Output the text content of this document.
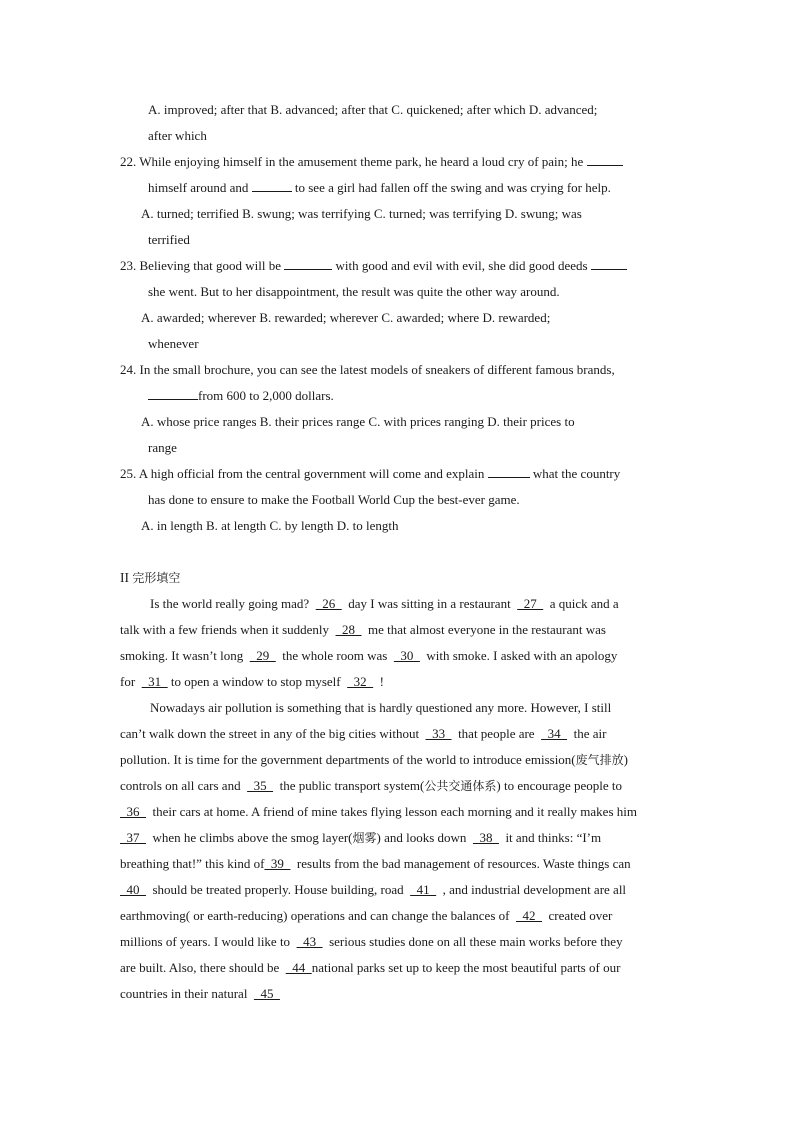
A. improved; after that B. advanced; after that C. quickened; after which D. advanced;
after which
22. While enjoying himself in the amusement theme park, he heard a loud cry of pain; he
himself around and	to see a girl had fallen off the swing and was crying for help.
A. turned; terrified B. swung; was terrifying C. turned; was terrifying D. swung; was
terrified
23. Believing that good will be	with good and evil with evil, she did good deeds
she went. But to her disappointment, the result was quite the other way around.
A. awarded; wherever B. rewarded; wherever C. awarded; where D. rewarded;
whenever
24. In the small brochure, you can see the latest models of sneakers of different famous brands,
from 600 to 2,000 dollars.
A. whose price ranges B. their prices range C. with prices ranging D. their prices to
range
25. A high official from the central government will come and explain	what the country
has done to ensure to make the Football World Cup the best-ever game.
A. in length B. at length C. by length D. to length
II 完形填空
Is the world really going mad?    26    day I was sitting in a restaurant    27    a quick and a
talk with a few friends when it suddenly    28    me that almost everyone in the restaurant was
smoking. It wasn’t long    29    the whole room was    30    with smoke. I asked with an apology
for    31   to open a window to stop myself    32    !
Nowadays air pollution is something that is hardly questioned any more. However, I still
can’t walk down the street in any of the big cities without    33    that people are    34    the air
pollution. It is time for the government departments of the world to introduce emission(废气排放)
controls on all cars and    35    the public transport system(公共交通体系) to encourage people to
36    their cars at home. A friend of mine takes flying lesson each morning and it really makes him
37    when he climbs above the smog layer(烟雾) and looks down    38    it and thinks: “I’m
breathing that!” this kind of  39    results from the bad management of resources. Waste things can
40    should be treated properly. House building, road    41    , and industrial development are all
earthmoving( or earth-reducing) operations and can change the balances of    42    created over
millions of years. I would like to    43    serious studies done on all these main works before they
are built. Also, there should be    44  national parks set up to keep the most beautiful parts of our
countries in their natural    45
